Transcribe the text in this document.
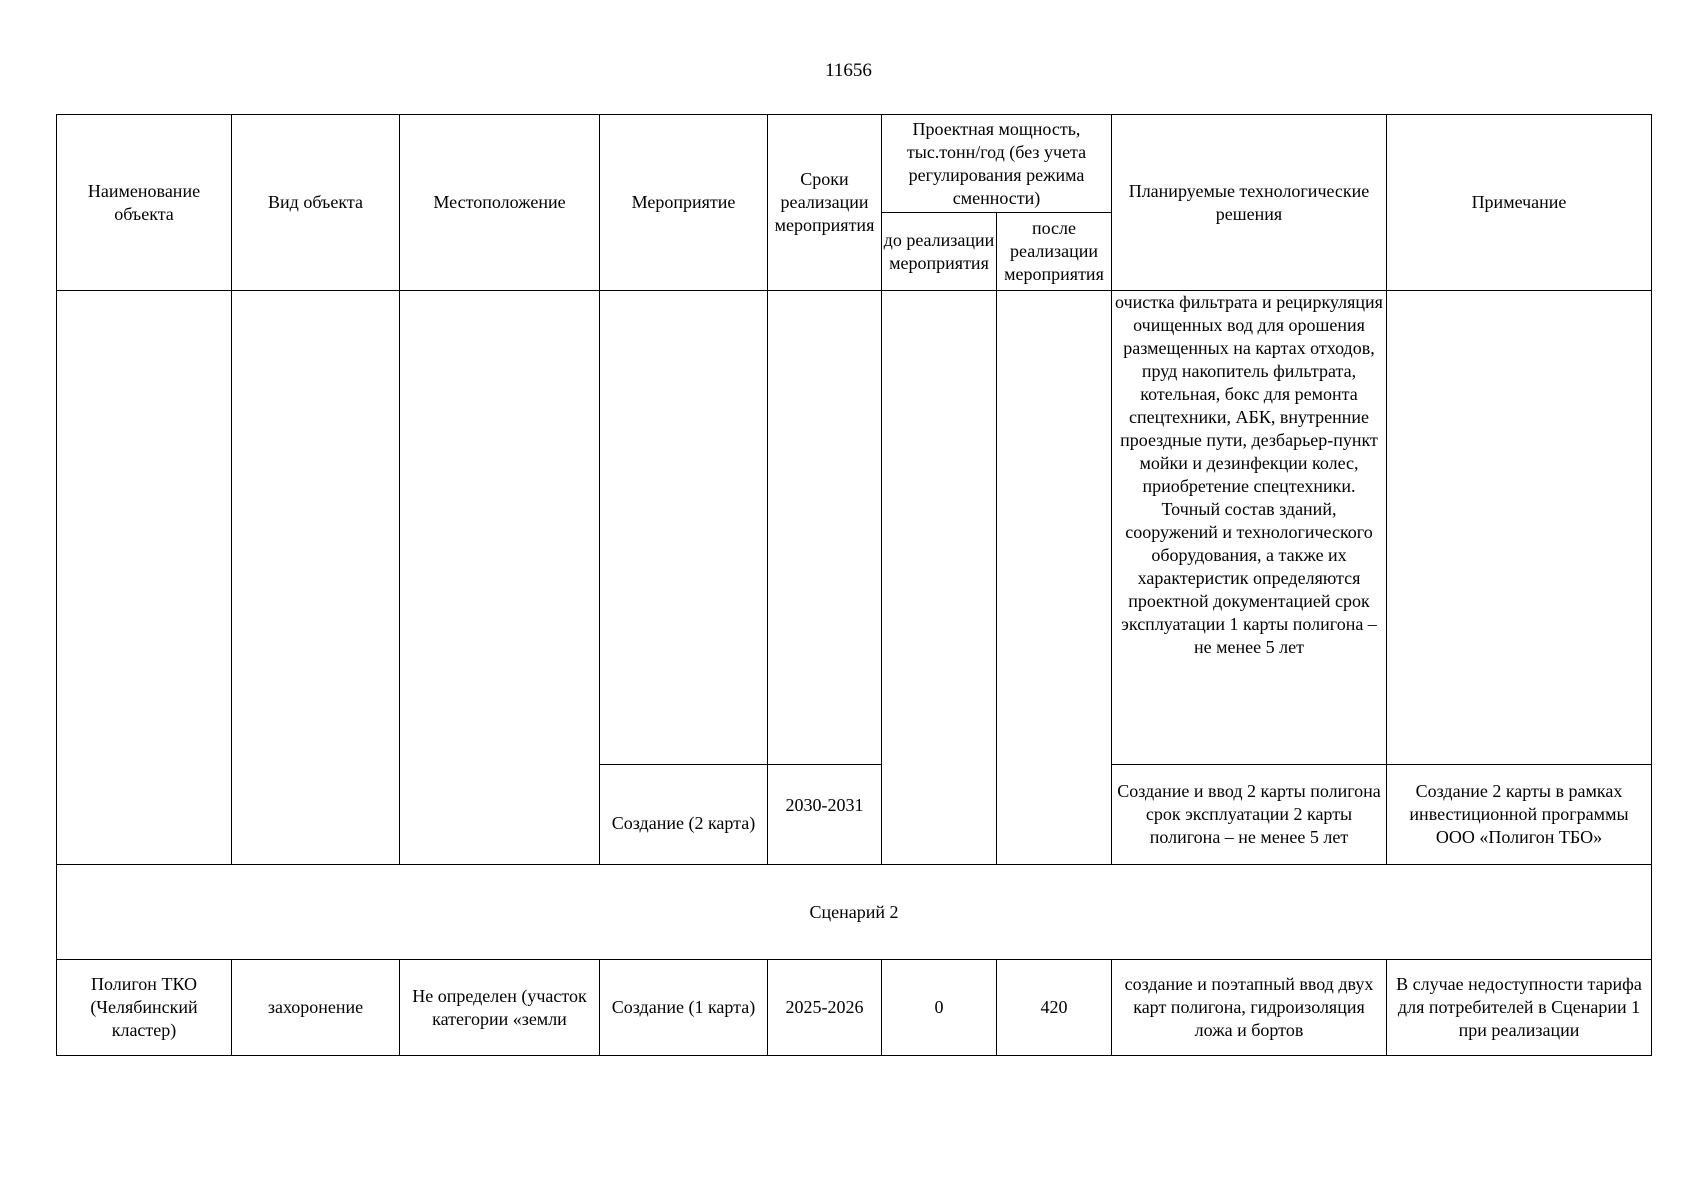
11656
Наименование объекта	Вид объекта	Местоположение	Мероприятие	Сроки реализации мероприятия	Проектная мощность, тыс.тонн/год (без учета регулирования режима сменности)		Планируемые технологические решения	Примечание
					до реализации мероприятия	после реализации мероприятия		
							очистка фильтрата и рециркуляция очищенных вод для орошения размещенных на картах отходов, пруд накопитель фильтрата, котельная, бокс для ремонта спецтехники, АБК, внутренние проездные пути, дезбарьер-пункт мойки и дезинфекции колес, приобретение спецтехники.
Точный состав зданий, сооружений и технологического оборудования, а также их характеристик определяются проектной документацией срок эксплуатации 1 карты полигона – не менее 5 лет	
			Создание (2 карта)	2030-2031			Создание и ввод 2 карты полигона
срок эксплуатации 2 карты полигона – не менее 5 лет	Создание 2 карты в рамках инвестиционной программы ООО «Полигон ТБО»
Сценарий 2								
Полигон ТКО (Челябинский кластер)	захоронение	Не определен (участок категории «земли	Создание (1 карта)	2025-2026	0	420	создание и поэтапный ввод двух карт полигона, гидроизоляция ложа и бортов	В случае недоступности тарифа для потребителей в Сценарии 1 при реализации
